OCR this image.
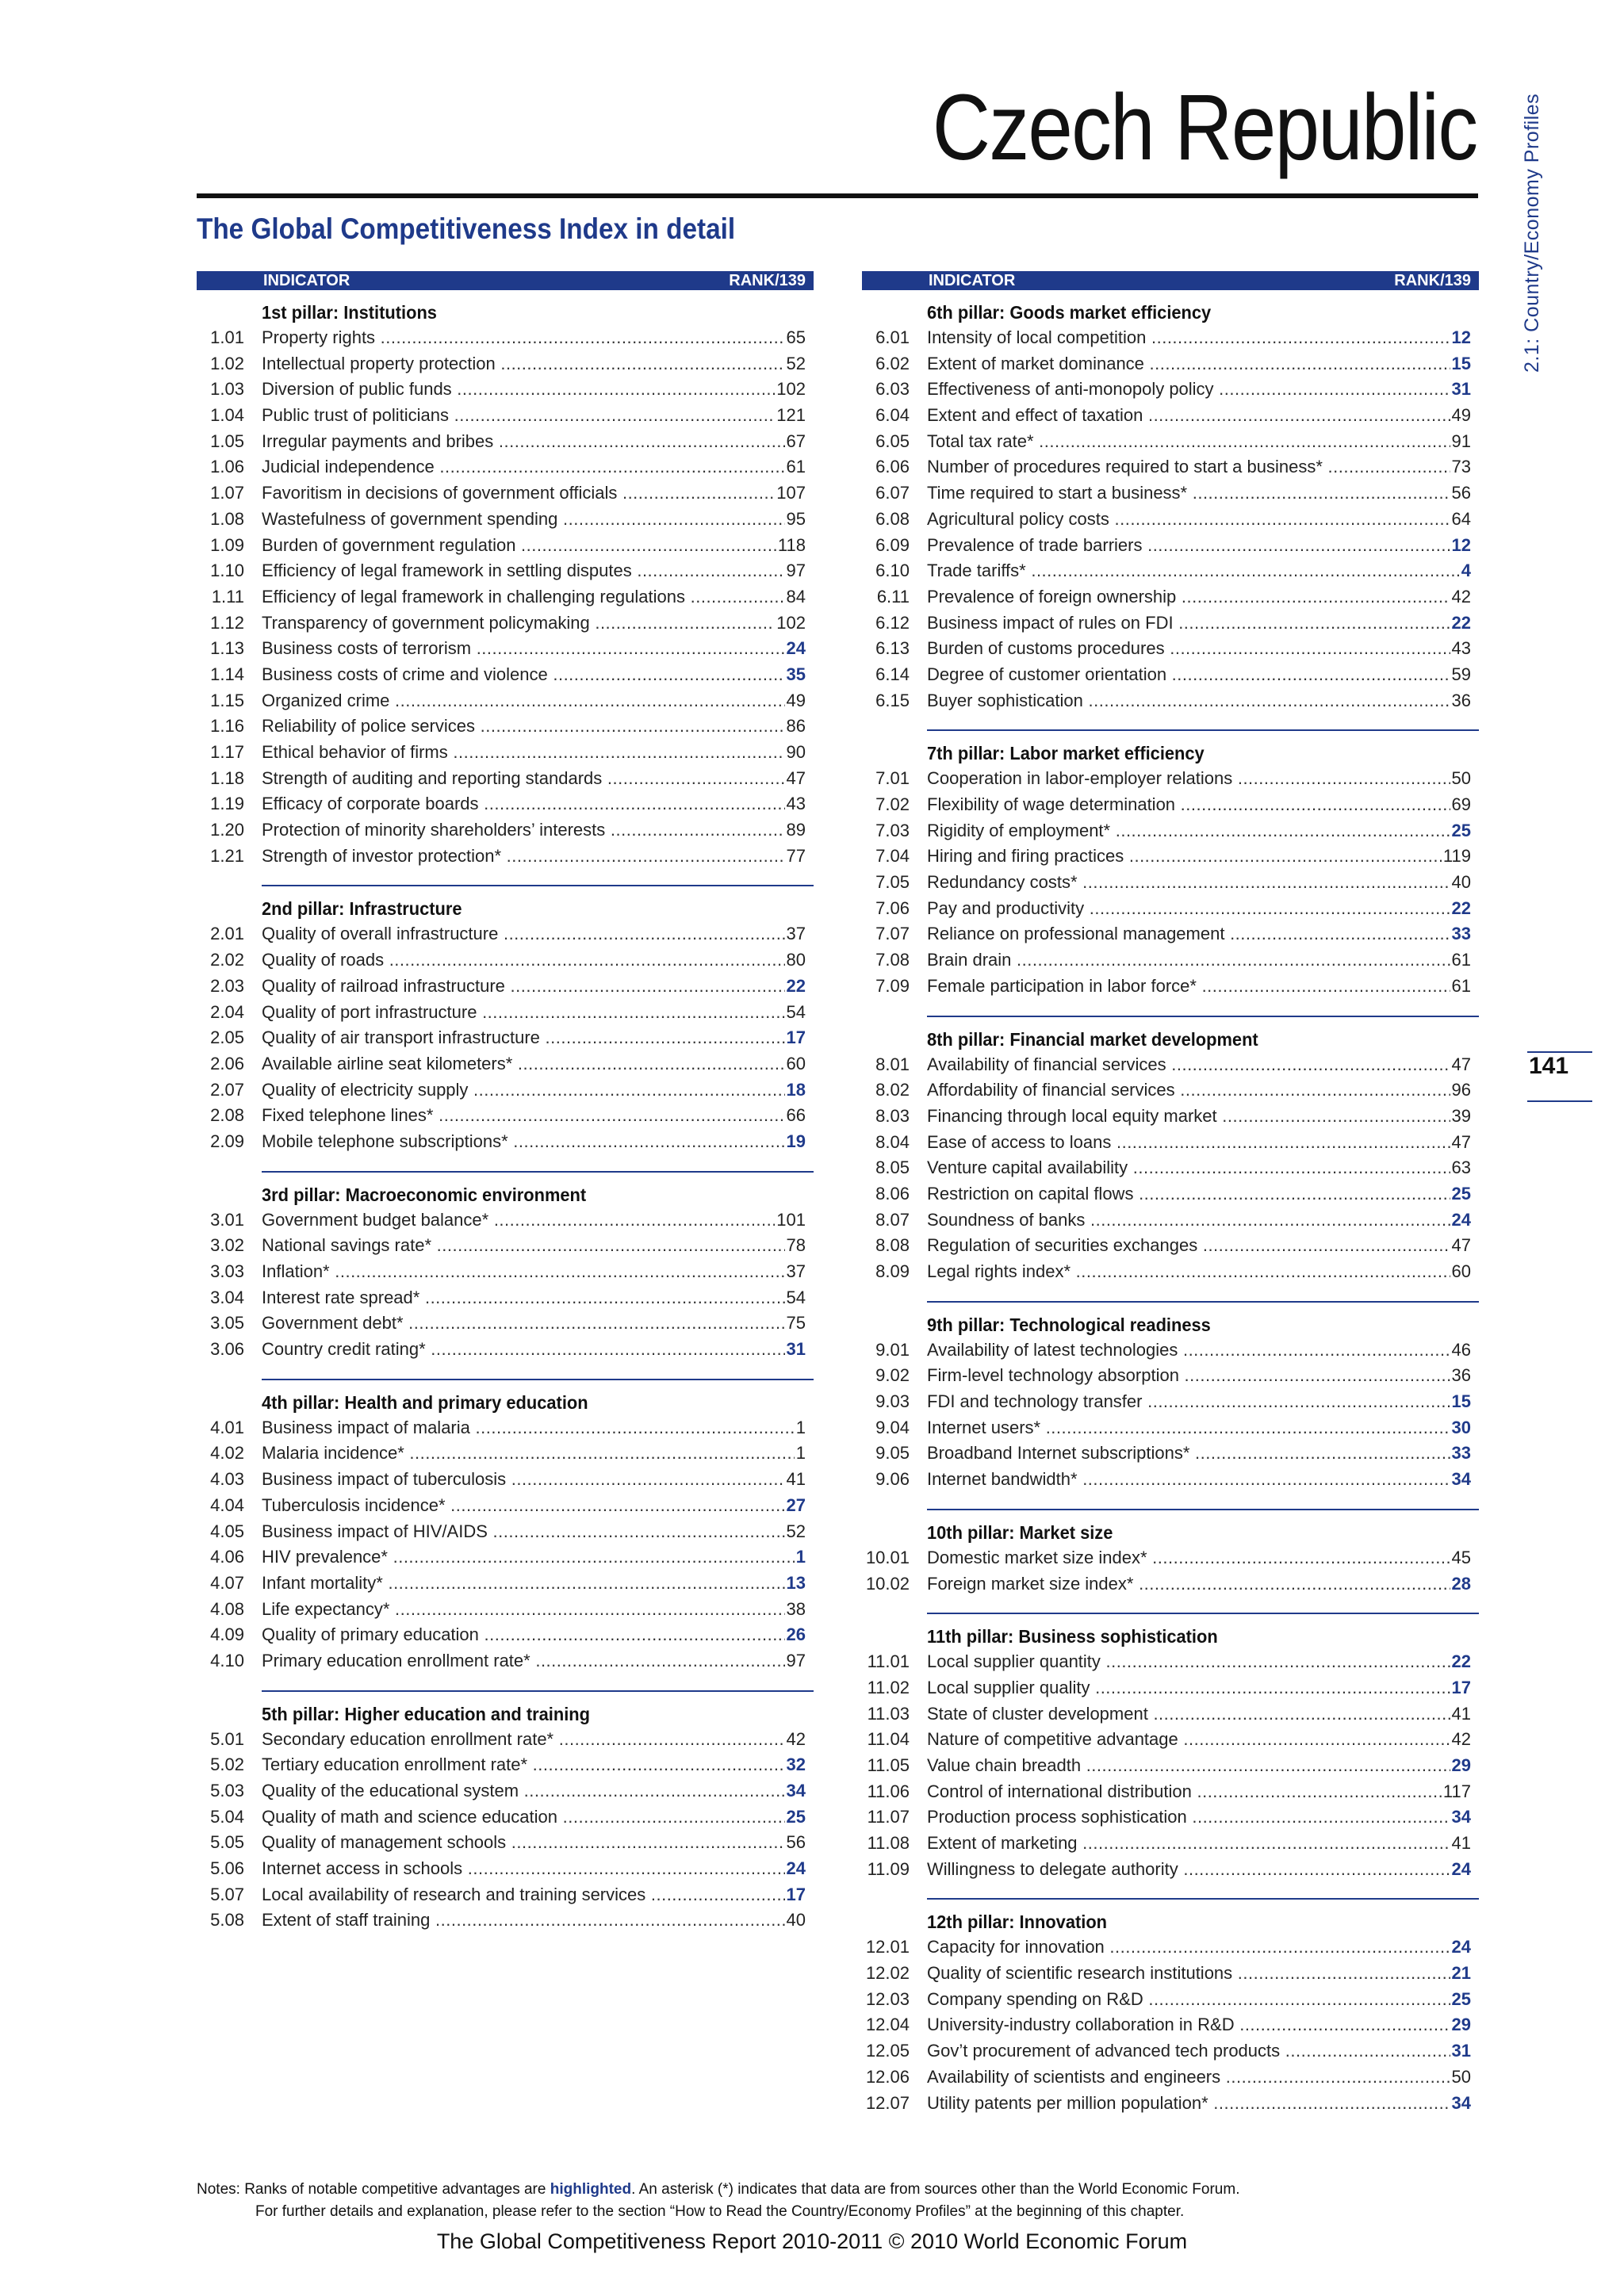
Czech Republic
The Global Competitiveness Index in detail	2.1: Country/Economy Profiles
141
INDICATOR	RANK/139
1st pillar: Institutions
1.01 Property rights .....	65
1.02 Intellectual property protection .....	52
1.03 Diversion of public funds .....	102
1.04 Public trust of politicians .....	121
1.05 Irregular payments and bribes .....	67
1.06 Judicial independence .....	61
1.07 Favoritism in decisions of government officials .....	107
1.08 Wastefulness of government spending .....	95
1.09 Burden of government regulation .....	118
1.10 Efficiency of legal framework in settling disputes .....	97
1.11 Efficiency of legal framework in challenging regulations .....	84
1.12 Transparency of government policymaking .....	102
1.13 Business costs of terrorism .....	24
1.14 Business costs of crime and violence .....	35
1.15 Organized crime .....	49
1.16 Reliability of police services .....	86
1.17 Ethical behavior of firms .....	90
1.18 Strength of auditing and reporting standards .....	47
1.19 Efficacy of corporate boards .....	43
1.20 Protection of minority shareholders’ interests .....	89
1.21 Strength of investor protection* .....	77
2nd pillar: Infrastructure
2.01 Quality of overall infrastructure .....	37
2.02 Quality of roads .....	80
2.03 Quality of railroad infrastructure .....	22
2.04 Quality of port infrastructure .....	54
2.05 Quality of air transport infrastructure .....	17
2.06 Available airline seat kilometers* .....	60
2.07 Quality of electricity supply .....	18
2.08 Fixed telephone lines* .....	66
2.09 Mobile telephone subscriptions* .....	19
3rd pillar: Macroeconomic environment
3.01 Government budget balance* .....	101
3.02 National savings rate* .....	78
3.03 Inflation* .....	37
3.04 Interest rate spread* .....	54
3.05 Government debt* .....	75
3.06 Country credit rating* .....	31
4th pillar: Health and primary education
4.01 Business impact of malaria .....	1
4.02 Malaria incidence* .....	1
4.03 Business impact of tuberculosis .....	41
4.04 Tuberculosis incidence* .....	27
4.05 Business impact of HIV/AIDS .....	52
4.06 HIV prevalence* .....	1
4.07 Infant mortality* .....	13
4.08 Life expectancy* .....	38
4.09 Quality of primary education .....	26
4.10 Primary education enrollment rate* .....	97
5th pillar: Higher education and training
5.01 Secondary education enrollment rate* .....	42
5.02 Tertiary education enrollment rate* .....	32
5.03 Quality of the educational system .....	34
5.04 Quality of math and science education .....	25
5.05 Quality of management schools .....	56
5.06 Internet access in schools .....	24
5.07 Local availability of research and training services .....	17
5.08 Extent of staff training .....	40
INDICATOR	RANK/139
6th pillar: Goods market efficiency
6.01 Intensity of local competition .....	12
6.02 Extent of market dominance .....	15
6.03 Effectiveness of anti-monopoly policy .....	31
6.04 Extent and effect of taxation .....	49
6.05 Total tax rate* .....	91
6.06 Number of procedures required to start a business* .....	73
6.07 Time required to start a business* .....	56
6.08 Agricultural policy costs .....	64
6.09 Prevalence of trade barriers .....	12
6.10 Trade tariffs* .....	4
6.11 Prevalence of foreign ownership .....	42
6.12 Business impact of rules on FDI .....	22
6.13 Burden of customs procedures .....	43
6.14 Degree of customer orientation .....	59
6.15 Buyer sophistication .....	36
7th pillar: Labor market efficiency
7.01 Cooperation in labor-employer relations .....	50
7.02 Flexibility of wage determination .....	69
7.03 Rigidity of employment* .....	25
7.04 Hiring and firing practices .....	119
7.05 Redundancy costs* .....	40
7.06 Pay and productivity .....	22
7.07 Reliance on professional management .....	33
7.08 Brain drain .....	61
7.09 Female participation in labor force* .....	61
8th pillar: Financial market development
8.01 Availability of financial services .....	47
8.02 Affordability of financial services .....	96
8.03 Financing through local equity market .....	39
8.04 Ease of access to loans .....	47
8.05 Venture capital availability .....	63
8.06 Restriction on capital flows .....	25
8.07 Soundness of banks .....	24
8.08 Regulation of securities exchanges .....	47
8.09 Legal rights index* .....	60
9th pillar: Technological readiness
9.01 Availability of latest technologies .....	46
9.02 Firm-level technology absorption .....	36
9.03 FDI and technology transfer .....	15
9.04 Internet users* .....	30
9.05 Broadband Internet subscriptions* .....	33
9.06 Internet bandwidth* .....	34
10th pillar: Market size
10.01 Domestic market size index* .....	45
10.02 Foreign market size index* .....	28
11th pillar: Business sophistication
11.01 Local supplier quantity .....	22
11.02 Local supplier quality .....	17
11.03 State of cluster development .....	41
11.04 Nature of competitive advantage .....	42
11.05 Value chain breadth .....	29
11.06 Control of international distribution .....	117
11.07 Production process sophistication .....	34
11.08 Extent of marketing .....	41
11.09 Willingness to delegate authority .....	24
12th pillar: Innovation
12.01 Capacity for innovation .....	24
12.02 Quality of scientific research institutions .....	21
12.03 Company spending on R&D .....	25
12.04 University-industry collaboration in R&D .....	29
12.05 Gov’t procurement of advanced tech products .....	31
12.06 Availability of scientists and engineers .....	50
12.07 Utility patents per million population* .....	34
Notes: Ranks of notable competitive advantages are highlighted. An asterisk (*) indicates that data are from sources other than the World Economic Forum.
For further details and explanation, please refer to the section “How to Read the Country/Economy Profiles” at the beginning of this chapter.
The Global Competitiveness Report 2010-2011 © 2010 World Economic Forum
